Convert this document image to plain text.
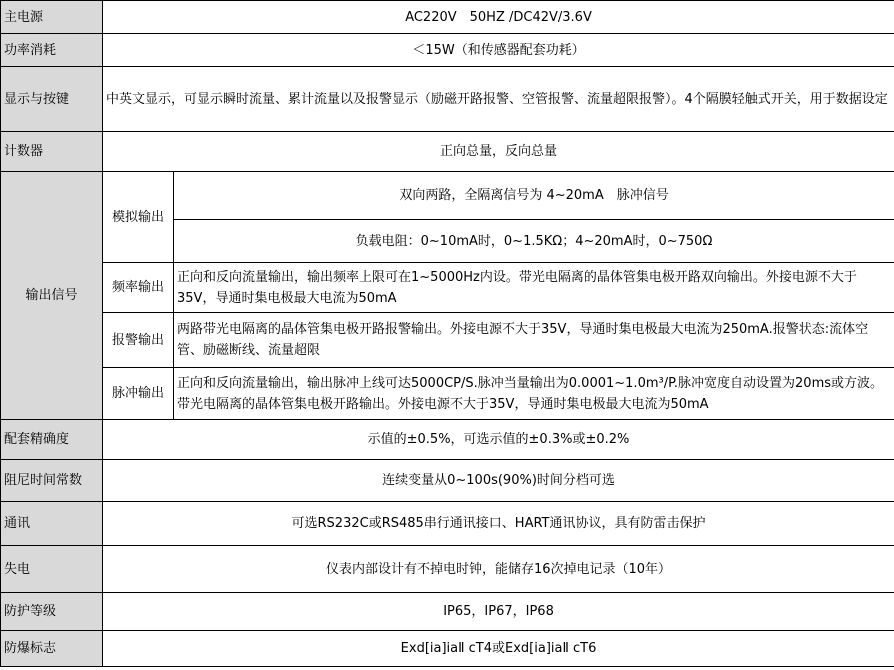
主电源	AC220V　50HZ /DC42V/3.6V	
功率消耗	＜15W（和传感器配套功耗）	
显示与按键	中英文显示，可显示瞬时流量、累计流量以及报警显示（励磁开路报警、空管报警、流量超限报警）。4个隔膜轻触式开关，用于数据设定	
计数器	正向总量，反向总量	
输出信号	模拟输出	双向两路，全隔离信号为 4~20mA　脉冲信号
		负载电阻：0~10mA时，0~1.5KΩ；4~20mA时，0~750Ω
	频率输出	正向和反向流量输出，输出频率上限可在1~5000Hz内设。带光电隔离的晶体管集电极开路双向输出。外接电源不大于35V，导通时集电极最大电流为50mA
	报警输出	两路带光电隔离的晶体管集电极开路报警输出。外接电源不大于35V，导通时集电极最大电流为250mA.报警状态:流体空管、励磁断线、流量超限
	脉冲输出	正向和反向流量输出，输出脉冲上线可达5000CP/S.脉冲当量输出为0.0001~1.0m³/P.脉冲宽度自动设置为20ms或方波。带光电隔离的晶体管集电极开路输出。外接电源不大于35V，导通时集电极最大电流为50mA
配套精确度	示值的±0.5%，可选示值的±0.3%或±0.2%	
阻尼时间常数	连续变量从0~100s(90%)时间分档可选	
通讯	可选RS232C或RS485串行通讯接口、HART通讯协议，具有防雷击保护	
失电	仪表内部设计有不掉电时钟，能储存16次掉电记录（10年）	
防护等级	IP65，IP67，IP68	
防爆标志	Exd[ia]iaⅡ cT4或Exd[ia]iaⅡ cT6	
